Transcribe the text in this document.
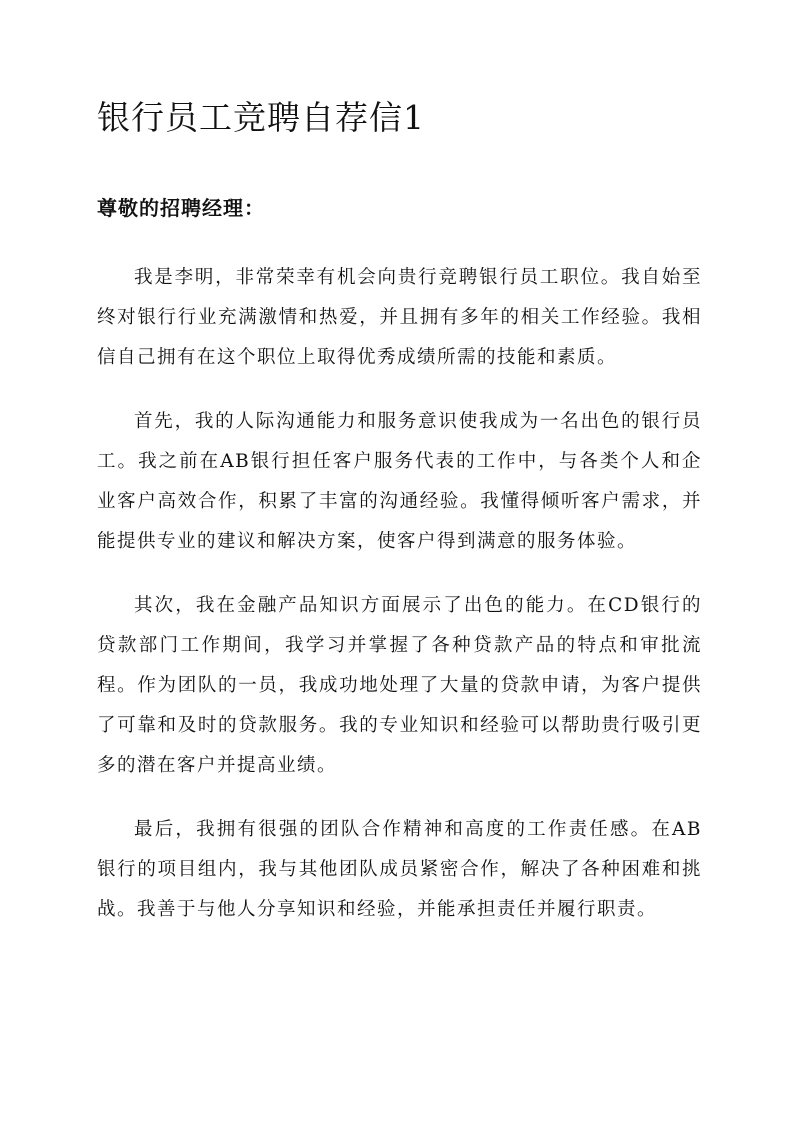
银行员工竞聘自荐信1

尊敬的招聘经理：

我是李明，非常荣幸有机会向贵行竞聘银行员工职位。我自始至终对银行行业充满激情和热爱，并且拥有多年的相关工作经验。我相信自己拥有在这个职位上取得优秀成绩所需的技能和素质。

首先，我的人际沟通能力和服务意识使我成为一名出色的银行员工。我之前在AB银行担任客户服务代表的工作中，与各类个人和企业客户高效合作，积累了丰富的沟通经验。我懂得倾听客户需求，并能提供专业的建议和解决方案，使客户得到满意的服务体验。

其次，我在金融产品知识方面展示了出色的能力。在CD银行的贷款部门工作期间，我学习并掌握了各种贷款产品的特点和审批流程。作为团队的一员，我成功地处理了大量的贷款申请，为客户提供了可靠和及时的贷款服务。我的专业知识和经验可以帮助贵行吸引更多的潜在客户并提高业绩。

最后，我拥有很强的团队合作精神和高度的工作责任感。在AB银行的项目组内，我与其他团队成员紧密合作，解决了各种困难和挑战。我善于与他人分享知识和经验，并能承担责任并履行职责。
